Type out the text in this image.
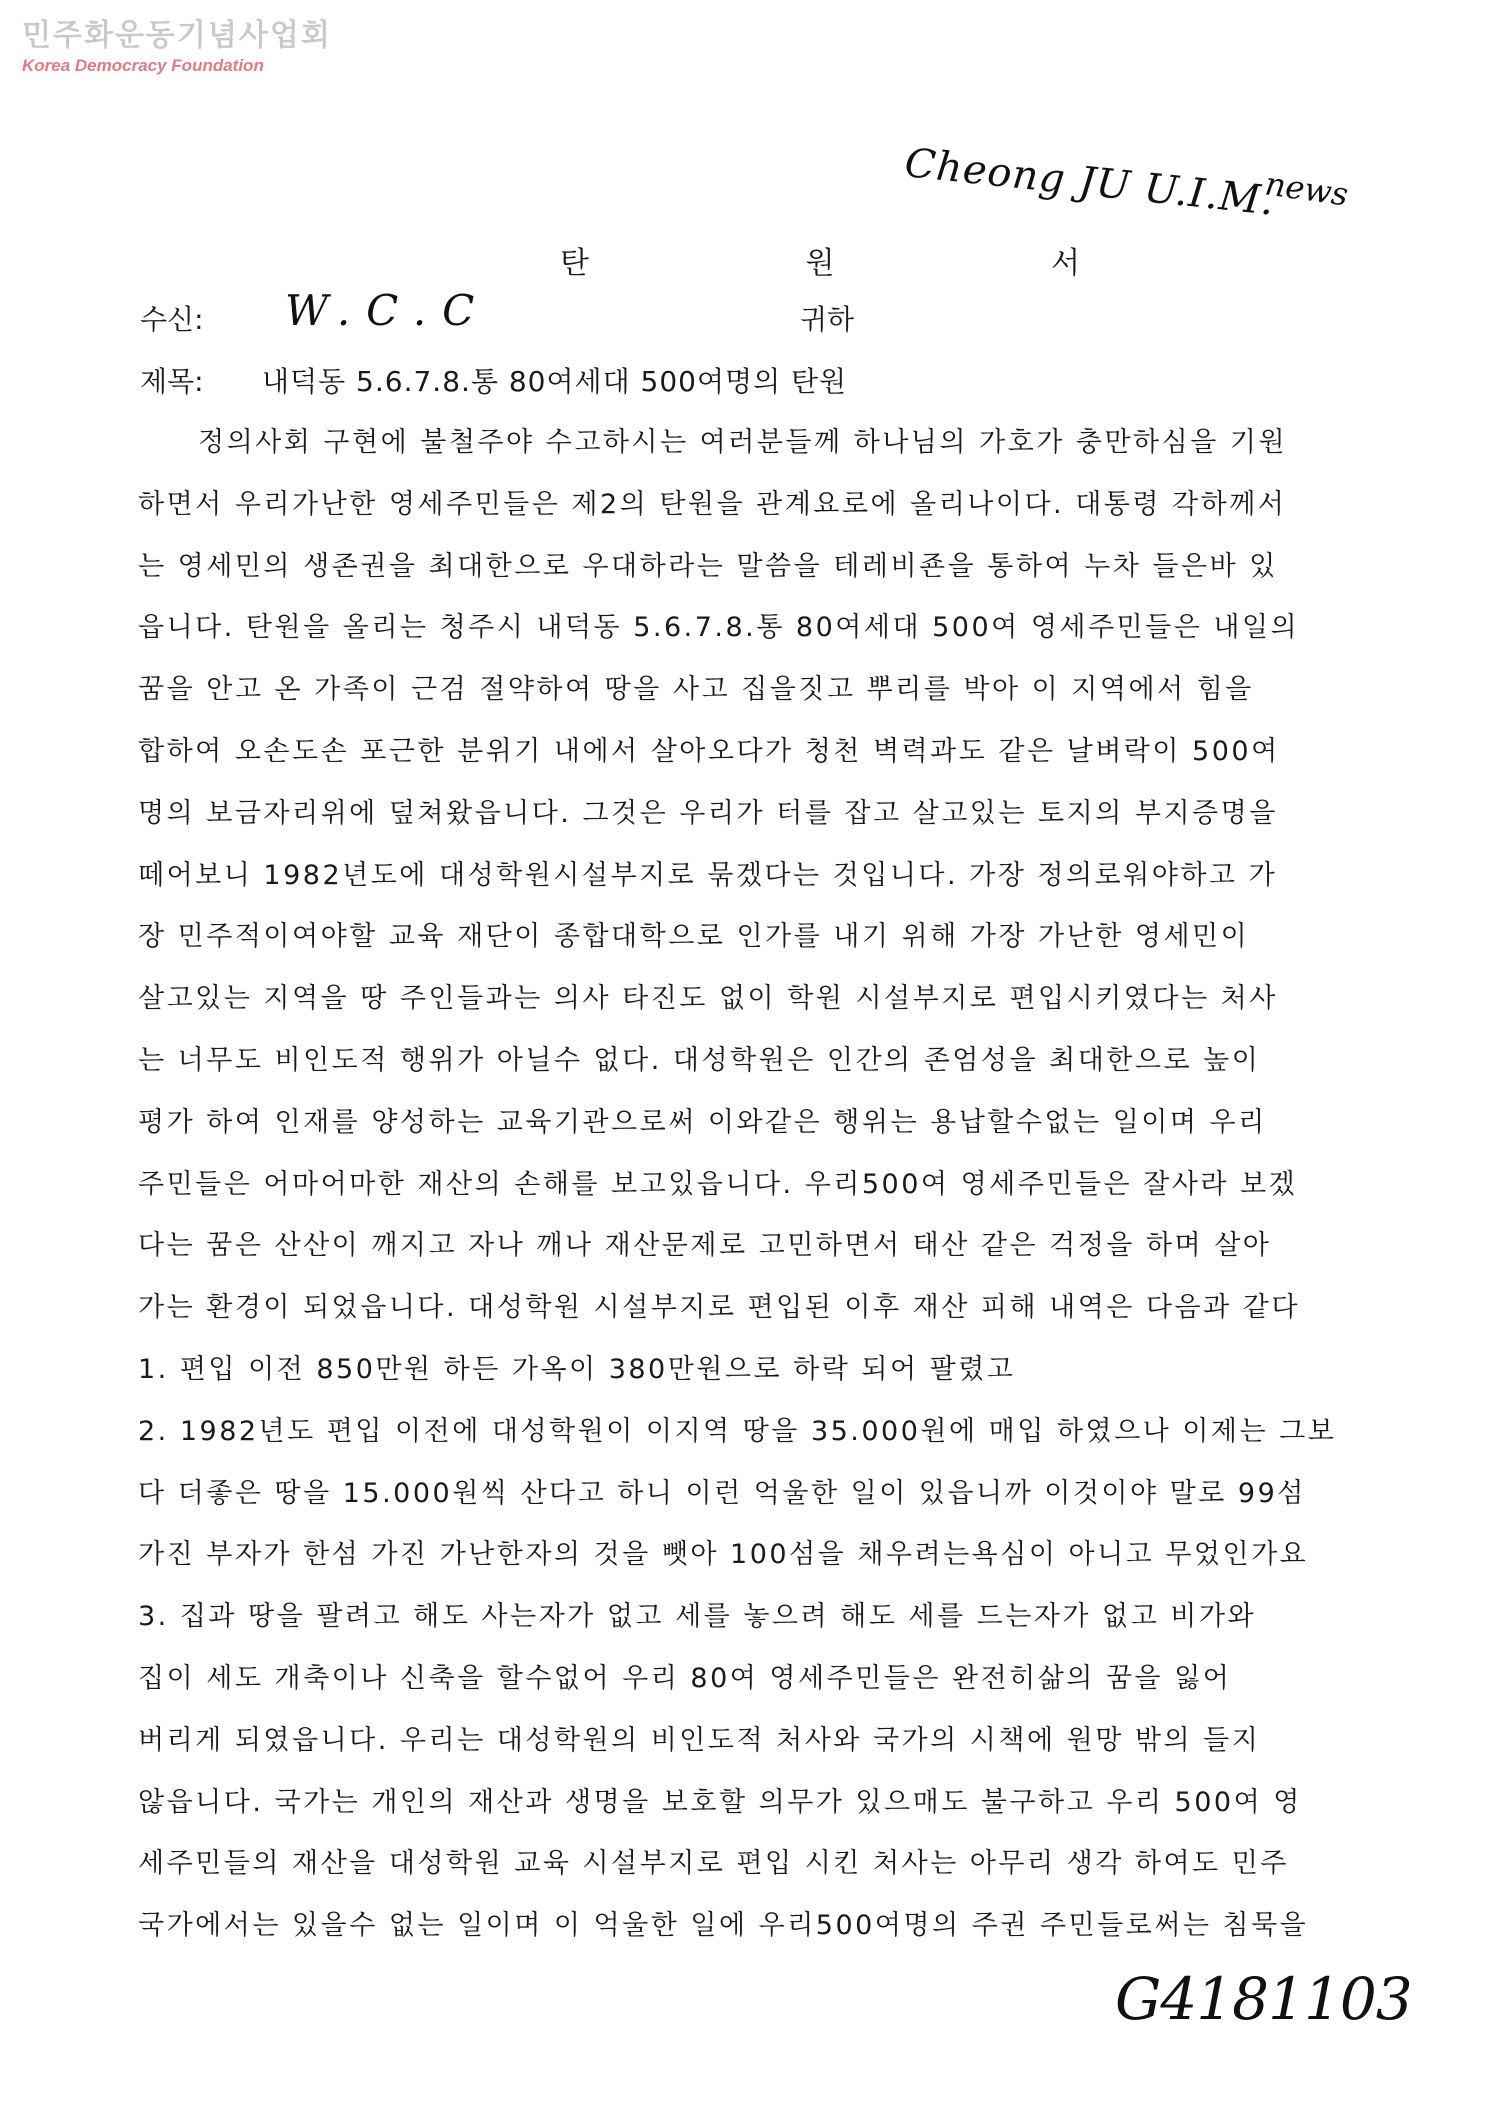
민주화운동기념사업회
Korea Democracy Foundation
Cheong JU U.I.M.
news
탄	원	서
수신: W.C.C	귀하
제목: 내덕동 5.6.7.8.통 80여세대 500여명의 탄원
정의사회 구현에 불철주야 수고하시는 여러분들께 하나님의 가호가 충만하심을 기원
하면서 우리가난한 영세주민들은 제2의 탄원을 관계요로에 올리나이다. 대통령 각하께서
는 영세민의 생존권을 최대한으로 우대하라는 말씀을 테레비죤을 통하여 누차 들은바 있
읍니다. 탄원을 올리는 청주시 내덕동 5.6.7.8.통 80여세대 500여 영세주민들은 내일의
꿈을 안고 온 가족이 근검 절약하여 땅을 사고 집을짓고 뿌리를 박아 이 지역에서 힘을
합하여 오손도손 포근한 분위기 내에서 살아오다가 청천 벽력과도 같은 날벼락이 500여
명의 보금자리위에 덮쳐왔읍니다. 그것은 우리가 터를 잡고 살고있는 토지의 부지증명을
떼어보니 1982년도에 대성학원시설부지로 묶겠다는 것입니다. 가장 정의로워야하고 가
장 민주적이여야할 교육 재단이 종합대학으로 인가를 내기 위해 가장 가난한 영세민이
살고있는 지역을 땅 주인들과는 의사 타진도 없이 학원 시설부지로 편입시키였다는 처사
는 너무도 비인도적 행위가 아닐수 없다. 대성학원은 인간의 존엄성을 최대한으로 높이
평가 하여 인재를 양성하는 교육기관으로써 이와같은 행위는 용납할수없는 일이며 우리
주민들은 어마어마한 재산의 손해를 보고있읍니다. 우리500여 영세주민들은 잘사라 보겠
다는 꿈은 산산이 깨지고 자나 깨나 재산문제로 고민하면서 태산 같은 걱정을 하며 살아
가는 환경이 되었읍니다. 대성학원 시설부지로 편입된 이후 재산 피해 내역은 다음과 같다
1. 편입 이전 850만원 하든 가옥이 380만원으로 하락 되어 팔렸고
2. 1982년도 편입 이전에 대성학원이 이지역 땅을 35.000원에 매입 하였으나 이제는 그보
다 더좋은 땅을 15.000원씩 산다고 하니 이런 억울한 일이 있읍니까 이것이야 말로 99섬
가진 부자가 한섬 가진 가난한자의 것을 뺏아 100섬을 채우려는욕심이 아니고 무었인가요
3. 집과 땅을 팔려고 해도 사는자가 없고 세를 놓으려 해도 세를 드는자가 없고 비가와
집이 세도 개축이나 신축을 할수없어 우리 80여 영세주민들은 완전히삶의 꿈을 잃어
버리게 되였읍니다. 우리는 대성학원의 비인도적 처사와 국가의 시책에 원망 밖의 들지
않읍니다. 국가는 개인의 재산과 생명을 보호할 의무가 있으매도 불구하고 우리 500여 영
세주민들의 재산을 대성학원 교육 시설부지로 편입 시킨 처사는 아무리 생각 하여도 민주
국가에서는 있을수 없는 일이며 이 억울한 일에 우리500여명의 주권 주민들로써는 침묵을
G4181103
